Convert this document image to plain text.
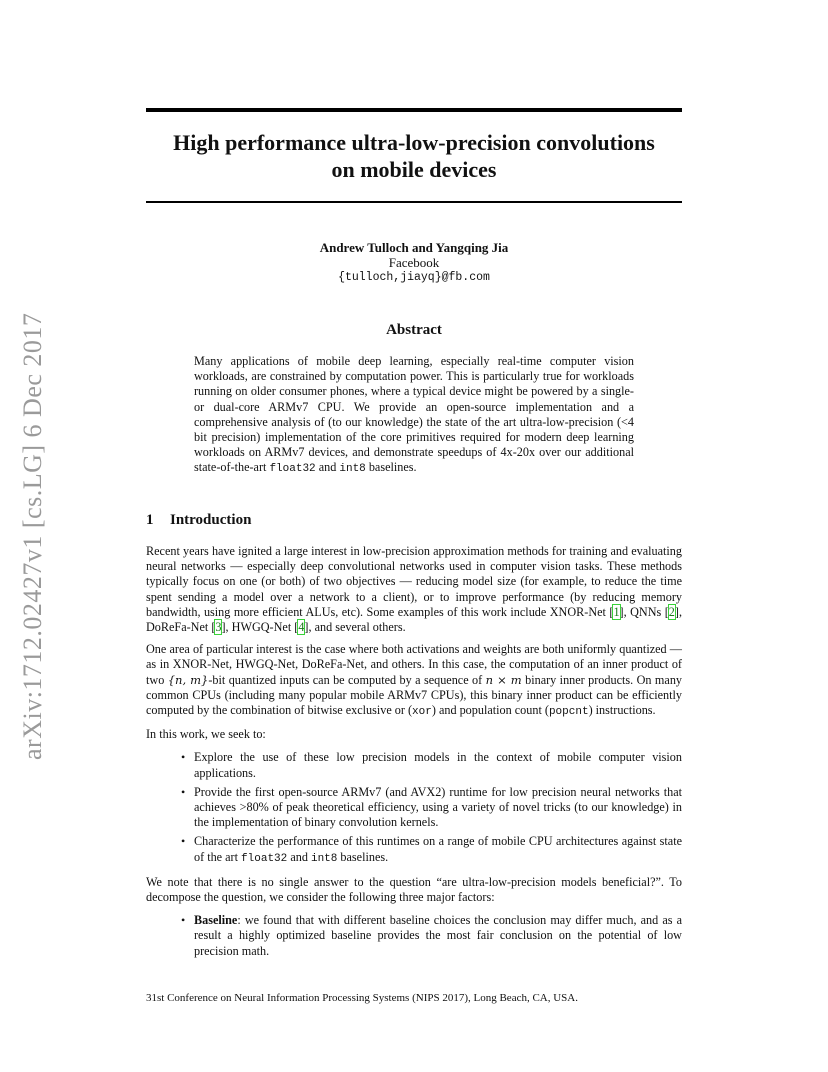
arXiv:1712.02427v1 [cs.LG] 6 Dec 2017
High performance ultra-low-precision convolutions
on mobile devices
Andrew Tulloch and Yangqing Jia
Facebook
{tulloch,jiayq}@fb.com
Abstract
Many applications of mobile deep learning, especially real-time computer vision workloads, are constrained by computation power. This is particularly true for workloads running on older consumer phones, where a typical device might be powered by a single- or dual-core ARMv7 CPU. We provide an open-source implementation and a comprehensive analysis of (to our knowledge) the state of the art ultra-low-precision (<4 bit precision) implementation of the core primitives required for modern deep learning workloads on ARMv7 devices, and demonstrate speedups of 4x-20x over our additional state-of-the-art float32 and int8 baselines.
1 Introduction

Recent years have ignited a large interest in low-precision approximation methods for training and evaluating neural networks — especially deep convolutional networks used in computer vision tasks. These methods typically focus on one (or both) of two objectives — reducing model size (for example, to reduce the time spent sending a model over a network to a client), or to improve performance (by reducing memory bandwidth, using more efficient ALUs, etc). Some examples of this work include XNOR-Net [1], QNNs [2], DoReFa-Net [3], HWGQ-Net [4], and several others.

One area of particular interest is the case where both activations and weights are both uniformly quantized — as in XNOR-Net, HWGQ-Net, DoReFa-Net, and others. In this case, the computation of an inner product of two {n, m}-bit quantized inputs can be computed by a sequence of n × m binary inner products. On many common CPUs (including many popular mobile ARMv7 CPUs), this binary inner product can be efficiently computed by the combination of bitwise exclusive or (xor) and population count (popcnt) instructions.

In this work, we seek to:

• Explore the use of these low precision models in the context of mobile computer vision applications.
• Provide the first open-source ARMv7 (and AVX2) runtime for low precision neural networks that achieves >80% of peak theoretical efficiency, using a variety of novel tricks (to our knowledge) in the implementation of binary convolution kernels.
• Characterize the performance of this runtimes on a range of mobile CPU architectures against state of the art float32 and int8 baselines.

We note that there is no single answer to the question “are ultra-low-precision models beneficial?”. To decompose the question, we consider the following three major factors:

• Baseline: we found that with different baseline choices the conclusion may differ much, and as a result a highly optimized baseline provides the most fair conclusion on the potential of low precision math.
31st Conference on Neural Information Processing Systems (NIPS 2017), Long Beach, CA, USA.
